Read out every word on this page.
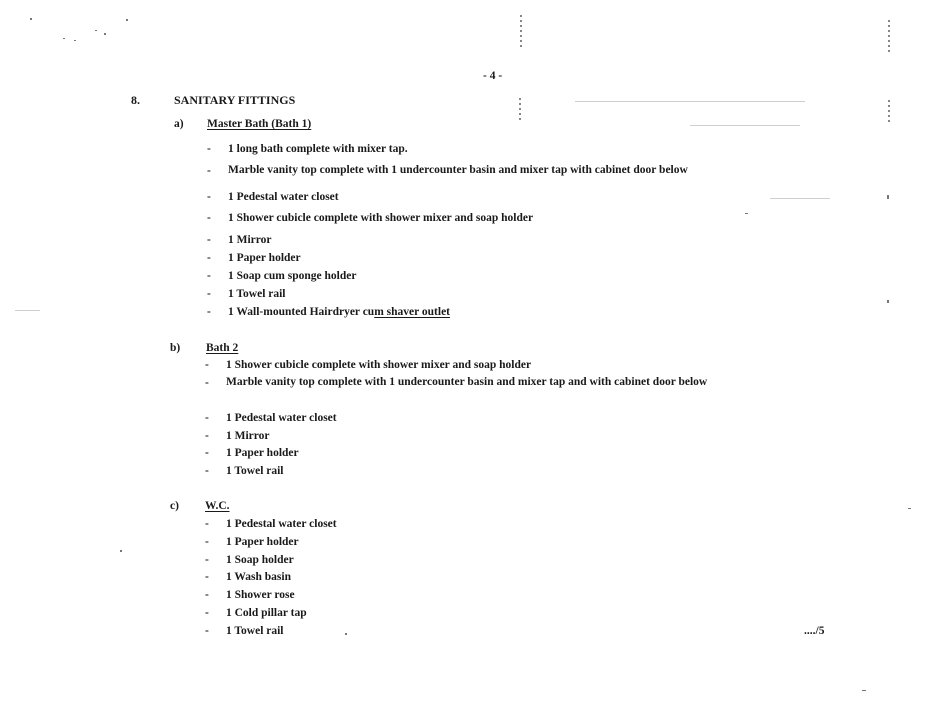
- 4 -
8.	SANITARY FITTINGS
a) Master Bath (Bath 1)
- 1 long bath complete with mixer tap.
- Marble vanity top complete with 1 undercounter basin and mixer tap with cabinet door below
- 1 Pedestal water closet
- 1 Shower cubicle complete with shower mixer and soap holder
- 1 Mirror
- 1 Paper holder
- 1 Soap cum sponge holder
- 1 Towel rail
- 1 Wall-mounted Hairdryer cum shaver outlet
b) Bath 2
- 1 Shower cubicle complete with shower mixer and soap holder
- Marble vanity top complete with 1 undercounter basin and mixer tap and with cabinet door below
- 1 Pedestal water closet
- 1 Mirror
- 1 Paper holder
- 1 Towel rail
c) W.C.
- 1 Pedestal water closet
- 1 Paper holder
- 1 Soap holder
- 1 Wash basin
- 1 Shower rose
- 1 Cold pillar tap
- 1 Towel rail	..../5
